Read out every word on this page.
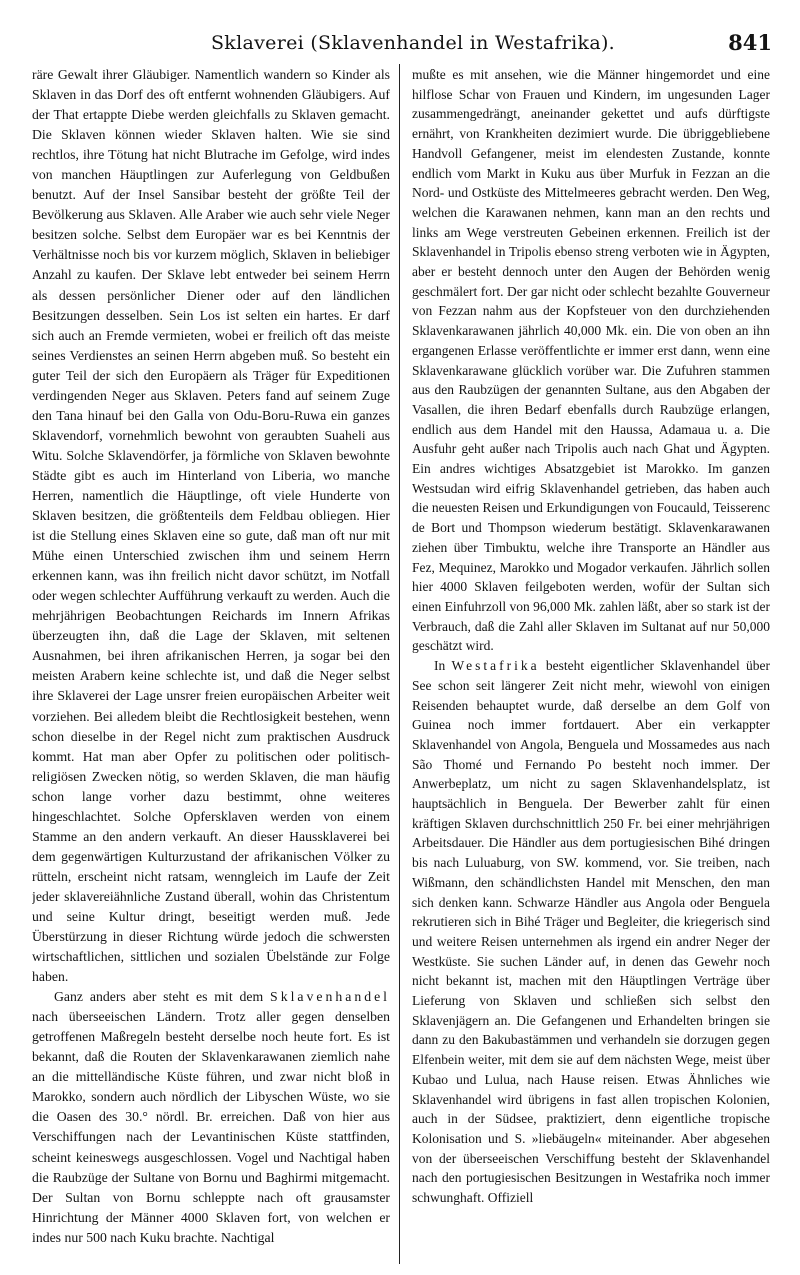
Sklaverei (Sklavenhandel in Westafrika).	841

räre Gewalt ihrer Gläubiger. Namentlich wandern so Kinder als Sklaven in das Dorf des oft entfernt wohnenden Gläubigers. Auf der That ertappte Diebe werden gleichfalls zu Sklaven gemacht. Die Sklaven können wieder Sklaven halten. Wie sie sind rechtlos, ihre Tötung hat nicht Blutrache im Gefolge, wird indes von manchen Häuptlingen zur Auferlegung von Geldbußen benutzt. Auf der Insel Sansibar besteht der größte Teil der Bevölkerung aus Sklaven. Alle Araber wie auch sehr viele Neger besitzen solche. Selbst dem Europäer war es bei Kenntnis der Verhältnisse noch bis vor kurzem möglich, Sklaven in beliebiger Anzahl zu kaufen. Der Sklave lebt entweder bei seinem Herrn als dessen persönlicher Diener oder auf den ländlichen Besitzungen desselben. Sein Los ist selten ein hartes. Er darf sich auch an Fremde vermieten, wobei er freilich oft das meiste seines Verdienstes an seinen Herrn abgeben muß. So besteht ein guter Teil der sich den Europäern als Träger für Expeditionen verdingenden Neger aus Sklaven. Peters fand auf seinem Zuge den Tana hinauf bei den Galla von Odu-Boru-Ruwa ein ganzes Sklavendorf, vornehmlich bewohnt von geraubten Suaheli aus Witu. Solche Sklavendörfer, ja förmliche von Sklaven bewohnte Städte gibt es auch im Hinterland von Liberia, wo manche Herren, namentlich die Häuptlinge, oft viele Hunderte von Sklaven besitzen, die größtenteils dem Feldbau obliegen. Hier ist die Stellung eines Sklaven eine so gute, daß man oft nur mit Mühe einen Unterschied zwischen ihm und seinem Herrn erkennen kann, was ihn freilich nicht davor schützt, im Notfall oder wegen schlechter Aufführung verkauft zu werden. Auch die mehrjährigen Beobachtungen Reichards im Innern Afrikas überzeugten ihn, daß die Lage der Sklaven, mit seltenen Ausnahmen, bei ihren afrikanischen Herren, ja sogar bei den meisten Arabern keine schlechte ist, und daß die Neger selbst ihre Sklaverei der Lage unsrer freien europäischen Arbeiter weit vorziehen. Bei alledem bleibt die Rechtlosigkeit bestehen, wenn schon dieselbe in der Regel nicht zum praktischen Ausdruck kommt. Hat man aber Opfer zu politischen oder politisch-religiösen Zwecken nötig, so werden Sklaven, die man häufig schon lange vorher dazu bestimmt, ohne weiteres hingeschlachtet. Solche Opfersklaven werden von einem Stamme an den andern verkauft. An dieser Haussklaverei bei dem gegenwärtigen Kulturzustand der afrikanischen Völker zu rütteln, erscheint nicht ratsam, wenngleich im Laufe der Zeit jeder sklavereiähnliche Zustand überall, wohin das Christentum und seine Kultur dringt, beseitigt werden muß. Jede Überstürzung in dieser Richtung würde jedoch die schwersten wirtschaftlichen, sittlichen und sozialen Übelstände zur Folge haben.

Ganz anders aber steht es mit dem Sklavenhandel nach überseeischen Ländern. Trotz aller gegen denselben getroffenen Maßregeln besteht derselbe noch heute fort. Es ist bekannt, daß die Routen der Sklavenkarawanen ziemlich nahe an die mittelländische Küste führen, und zwar nicht bloß in Marokko, sondern auch nördlich der Libyschen Wüste, wo sie die Oasen des 30.° nördl. Br. erreichen. Daß von hier aus Verschiffungen nach der Levantinischen Küste stattfinden, scheint keineswegs ausgeschlossen. Vogel und Nachtigal haben die Raubzüge der Sultane von Bornu und Baghirmi mitgemacht. Der Sultan von Bornu schleppte nach oft grausamster Hinrichtung der Männer 4000 Sklaven fort, von welchen er indes nur 500 nach Kuku brachte. Nachtigal

mußte es mit ansehen, wie die Männer hingemordet und eine hilflose Schar von Frauen und Kindern, im ungesunden Lager zusammengedrängt, aneinander gekettet und aufs dürftigste ernährt, von Krankheiten dezimiert wurde. Die übriggebliebene Handvoll Gefangener, meist im elendesten Zustande, konnte endlich vom Markt in Kuku aus über Murfuk in Fezzan an die Nord- und Ostküste des Mittelmeeres gebracht werden. Den Weg, welchen die Karawanen nehmen, kann man an den rechts und links am Wege verstreuten Gebeinen erkennen. Freilich ist der Sklavenhandel in Tripolis ebenso streng verboten wie in Ägypten, aber er besteht dennoch unter den Augen der Behörden wenig geschmälert fort. Der gar nicht oder schlecht bezahlte Gouverneur von Fezzan nahm aus der Kopfsteuer von den durchziehenden Sklavenkarawanen jährlich 40,000 Mk. ein. Die von oben an ihn ergangenen Erlasse veröffentlichte er immer erst dann, wenn eine Sklavenkarawane glücklich vorüber war. Die Zufuhren stammen aus den Raubzügen der genannten Sultane, aus den Abgaben der Vasallen, die ihren Bedarf ebenfalls durch Raubzüge erlangen, endlich aus dem Handel mit den Haussa, Adamaua u. a. Die Ausfuhr geht außer nach Tripolis auch nach Ghat und Ägypten. Ein andres wichtiges Absatzgebiet ist Marokko. Im ganzen Westsudan wird eifrig Sklavenhandel getrieben, das haben auch die neuesten Reisen und Erkundigungen von Foucauld, Teisserenc de Bort und Thompson wiederum bestätigt. Sklavenkarawanen ziehen über Timbuktu, welche ihre Transporte an Händler aus Fez, Mequinez, Marokko und Mogador verkaufen. Jährlich sollen hier 4000 Sklaven feilgeboten werden, wofür der Sultan sich einen Einfuhrzoll von 96,000 Mk. zahlen läßt, aber so stark ist der Verbrauch, daß die Zahl aller Sklaven im Sultanat auf nur 50,000 geschätzt wird.

In Westafrika besteht eigentlicher Sklavenhandel über See schon seit längerer Zeit nicht mehr, wiewohl von einigen Reisenden behauptet wurde, daß derselbe an dem Golf von Guinea noch immer fortdauert. Aber ein verkappter Sklavenhandel von Angola, Benguela und Mossamedes aus nach São Thomé und Fernando Po besteht noch immer. Der Anwerbeplatz, um nicht zu sagen Sklavenhandelsplatz, ist hauptsächlich in Benguela. Der Bewerber zahlt für einen kräftigen Sklaven durchschnittlich 250 Fr. bei einer mehrjährigen Arbeitsdauer. Die Händler aus dem portugiesischen Bihé dringen bis nach Luluaburg, von SW. kommend, vor. Sie treiben, nach Wißmann, den schändlichsten Handel mit Menschen, den man sich denken kann. Schwarze Händler aus Angola oder Benguela rekrutieren sich in Bihé Träger und Begleiter, die kriegerisch sind und weitere Reisen unternehmen als irgend ein andrer Neger der Westküste. Sie suchen Länder auf, in denen das Gewehr noch nicht bekannt ist, machen mit den Häuptlingen Verträge über Lieferung von Sklaven und schließen sich selbst den Sklavenjägern an. Die Gefangenen und Erhandelten bringen sie dann zu den Bakubastämmen und verhandeln sie dorzugen gegen Elfenbein weiter, mit dem sie auf dem nächsten Wege, meist über Kubao und Lulua, nach Hause reisen. Etwas Ähnliches wie Sklavenhandel wird übrigens in fast allen tropischen Kolonien, auch in der Südsee, praktiziert, denn eigentliche tropische Kolonisation und S. »liebäugeln« miteinander. Aber abgesehen von der überseeischen Verschiffung besteht der Sklavenhandel nach den portugiesischen Besitzungen in Westafrika noch immer schwunghaft. Offiziell
